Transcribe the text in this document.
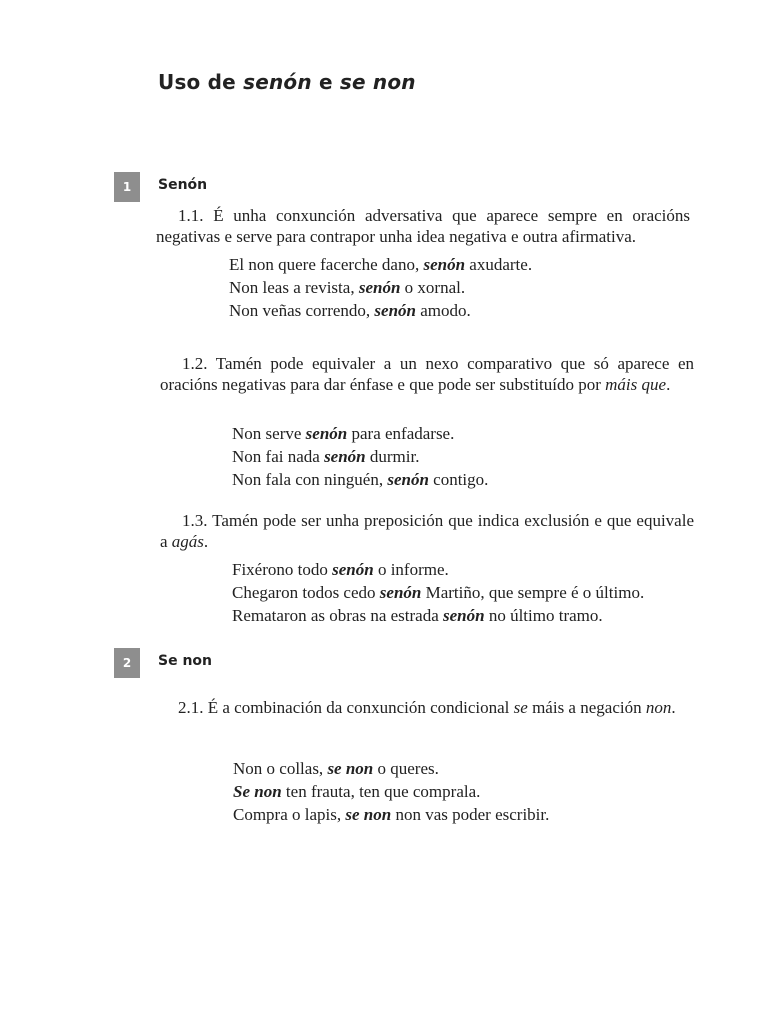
Uso de senón e se non
1	Senón
1.1. É unha conxunción adversativa que aparece sempre en oracións negativas e serve para contrapor unha idea negativa e outra afirmativa.
El non quere facerche dano, senón axudarte.
Non leas a revista, senón o xornal.
Non veñas correndo, senón amodo.
1.2. Tamén pode equivaler a un nexo comparativo que só aparece en oracións negativas para dar énfase e que pode ser substituído por máis que.
Non serve senón para enfadarse.
Non fai nada senón durmir.
Non fala con ninguén, senón contigo.
1.3. Tamén pode ser unha preposición que indica exclusión e que equivale a agás.
Fixérono todo senón o informe.
Chegaron todos cedo senón Martiño, que sempre é o último.
Remataron as obras na estrada senón no último tramo.
2	Se non
2.1. É a combinación da conxunción condicional se máis a negación non.
Non o collas, se non o queres.
Se non ten frauta, ten que comprala.
Compra o lapis, se non non vas poder escribir.
